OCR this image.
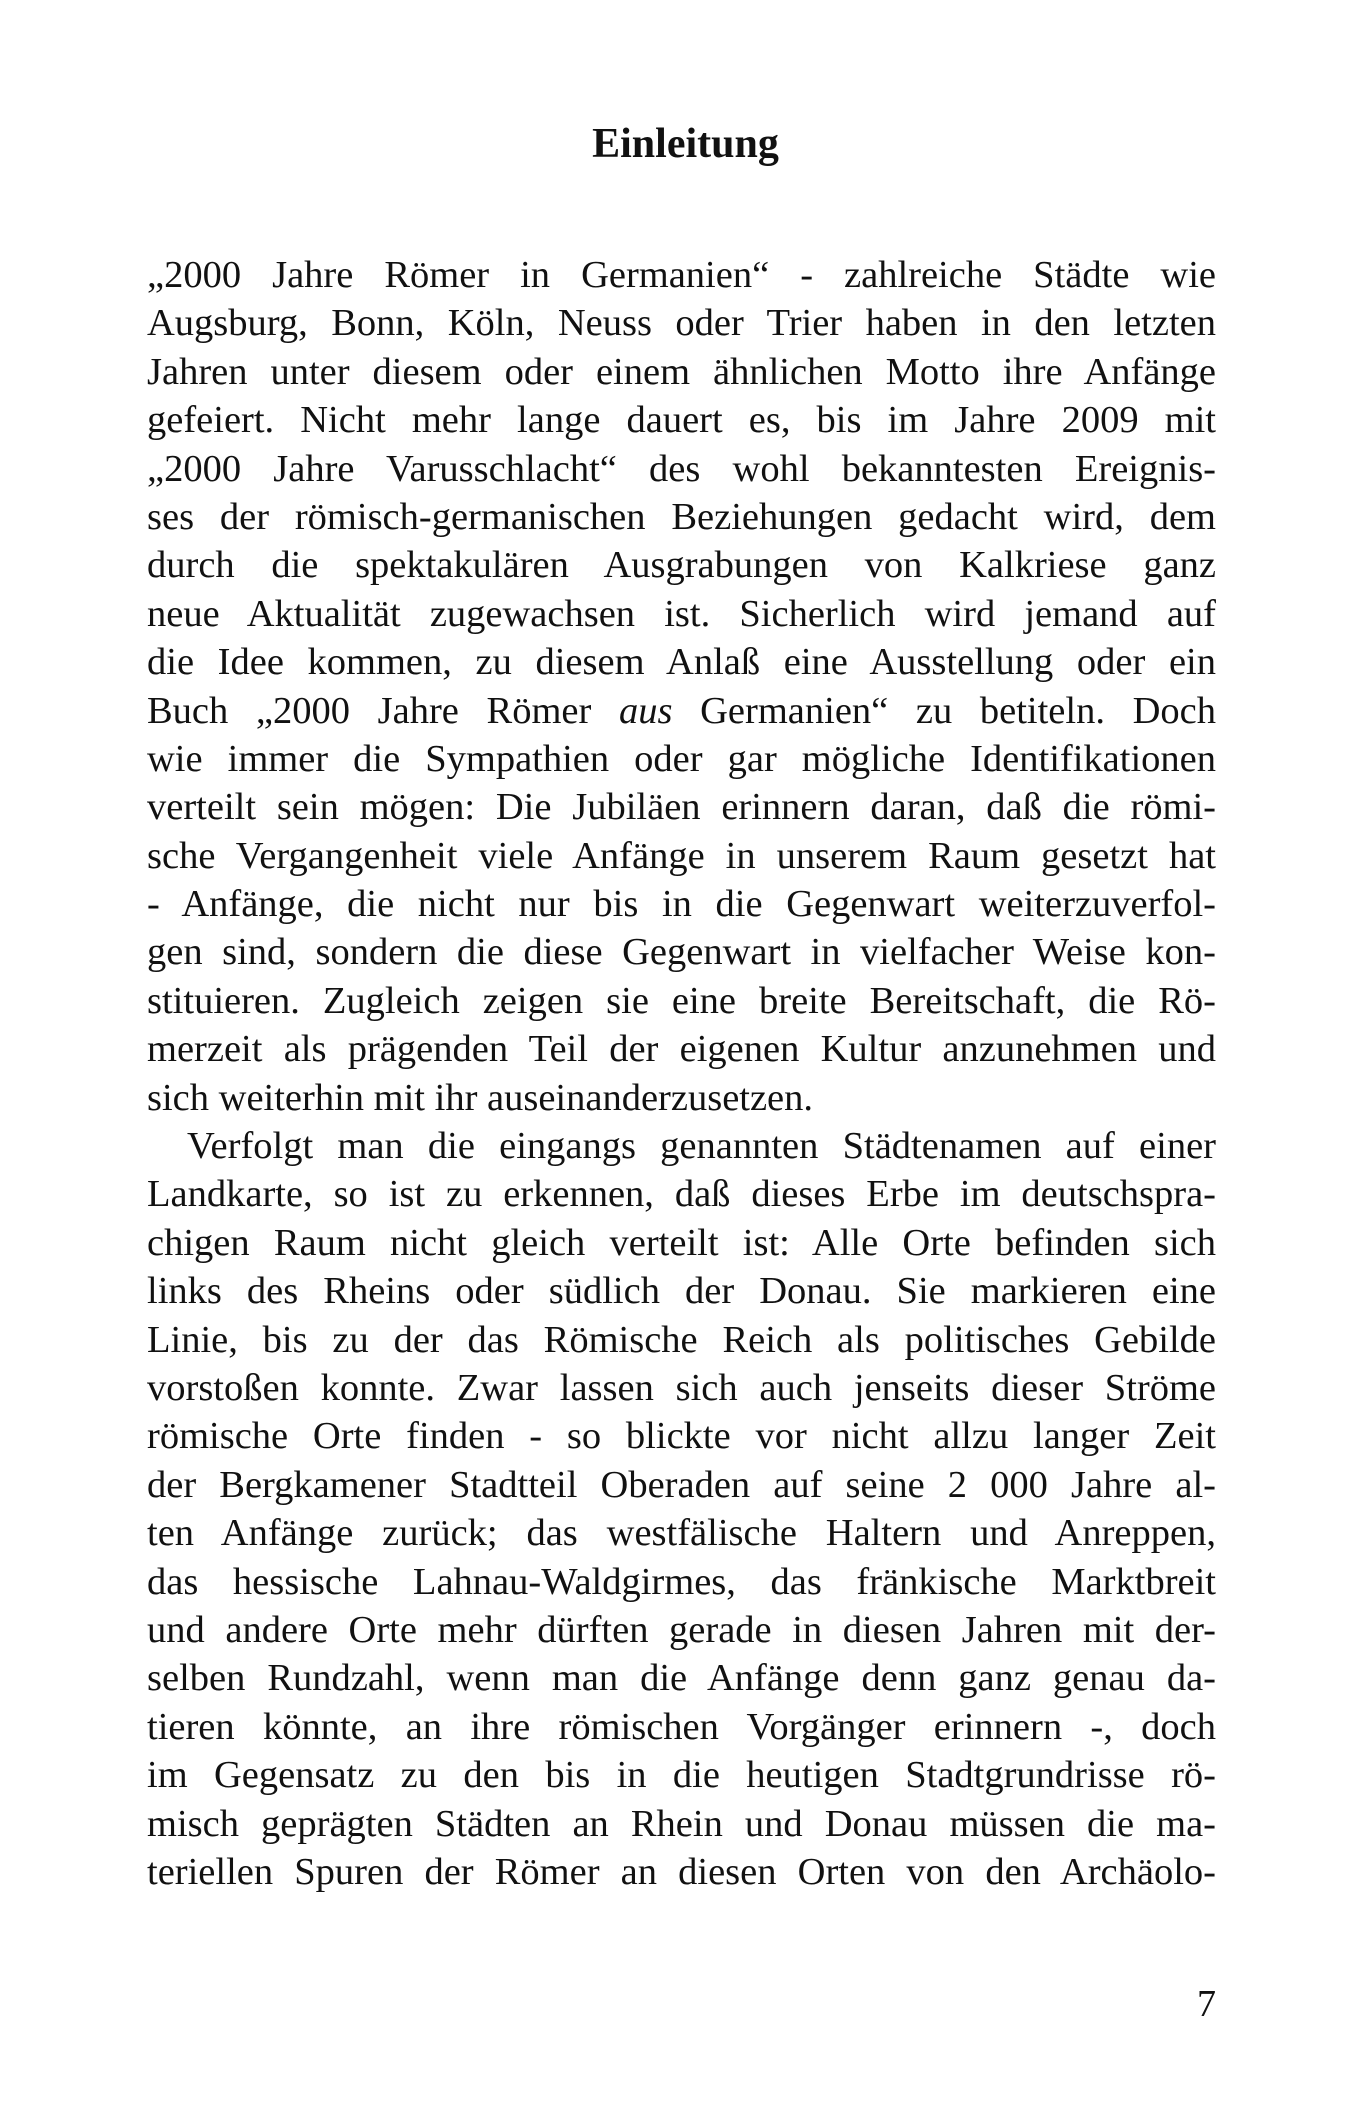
Einleitung
„2000 Jahre Römer in Germanien“ - zahlreiche Städte wie
Augsburg, Bonn, Köln, Neuss oder Trier haben in den letzten
Jahren unter diesem oder einem ähnlichen Motto ihre Anfänge
gefeiert. Nicht mehr lange dauert es, bis im Jahre 2009 mit
„2000 Jahre Varusschlacht“ des wohl bekanntesten Ereignis-
ses der römisch-germanischen Beziehungen gedacht wird, dem
durch die spektakulären Ausgrabungen von Kalkriese ganz
neue Aktualität zugewachsen ist. Sicherlich wird jemand auf
die Idee kommen, zu diesem Anlaß eine Ausstellung oder ein
Buch „2000 Jahre Römer aus Germanien“ zu betiteln. Doch
wie immer die Sympathien oder gar mögliche Identifikationen
verteilt sein mögen: Die Jubiläen erinnern daran, daß die römi-
sche Vergangenheit viele Anfänge in unserem Raum gesetzt hat
- Anfänge, die nicht nur bis in die Gegenwart weiterzuverfol-
gen sind, sondern die diese Gegenwart in vielfacher Weise kon-
stituieren. Zugleich zeigen sie eine breite Bereitschaft, die Rö-
merzeit als prägenden Teil der eigenen Kultur anzunehmen und
sich weiterhin mit ihr auseinanderzusetzen.
Verfolgt man die eingangs genannten Städtenamen auf einer
Landkarte, so ist zu erkennen, daß dieses Erbe im deutschspra-
chigen Raum nicht gleich verteilt ist: Alle Orte befinden sich
links des Rheins oder südlich der Donau. Sie markieren eine
Linie, bis zu der das Römische Reich als politisches Gebilde
vorstoßen konnte. Zwar lassen sich auch jenseits dieser Ströme
römische Orte finden - so blickte vor nicht allzu langer Zeit
der Bergkamener Stadtteil Oberaden auf seine 2 000 Jahre al-
ten Anfänge zurück; das westfälische Haltern und Anreppen,
das hessische Lahnau-Waldgirmes, das fränkische Marktbreit
und andere Orte mehr dürften gerade in diesen Jahren mit der-
selben Rundzahl, wenn man die Anfänge denn ganz genau da-
tieren könnte, an ihre römischen Vorgänger erinnern -, doch
im Gegensatz zu den bis in die heutigen Stadtgrundrisse rö-
misch geprägten Städten an Rhein und Donau müssen die ma-
teriellen Spuren der Römer an diesen Orten von den Archäolo-
7
